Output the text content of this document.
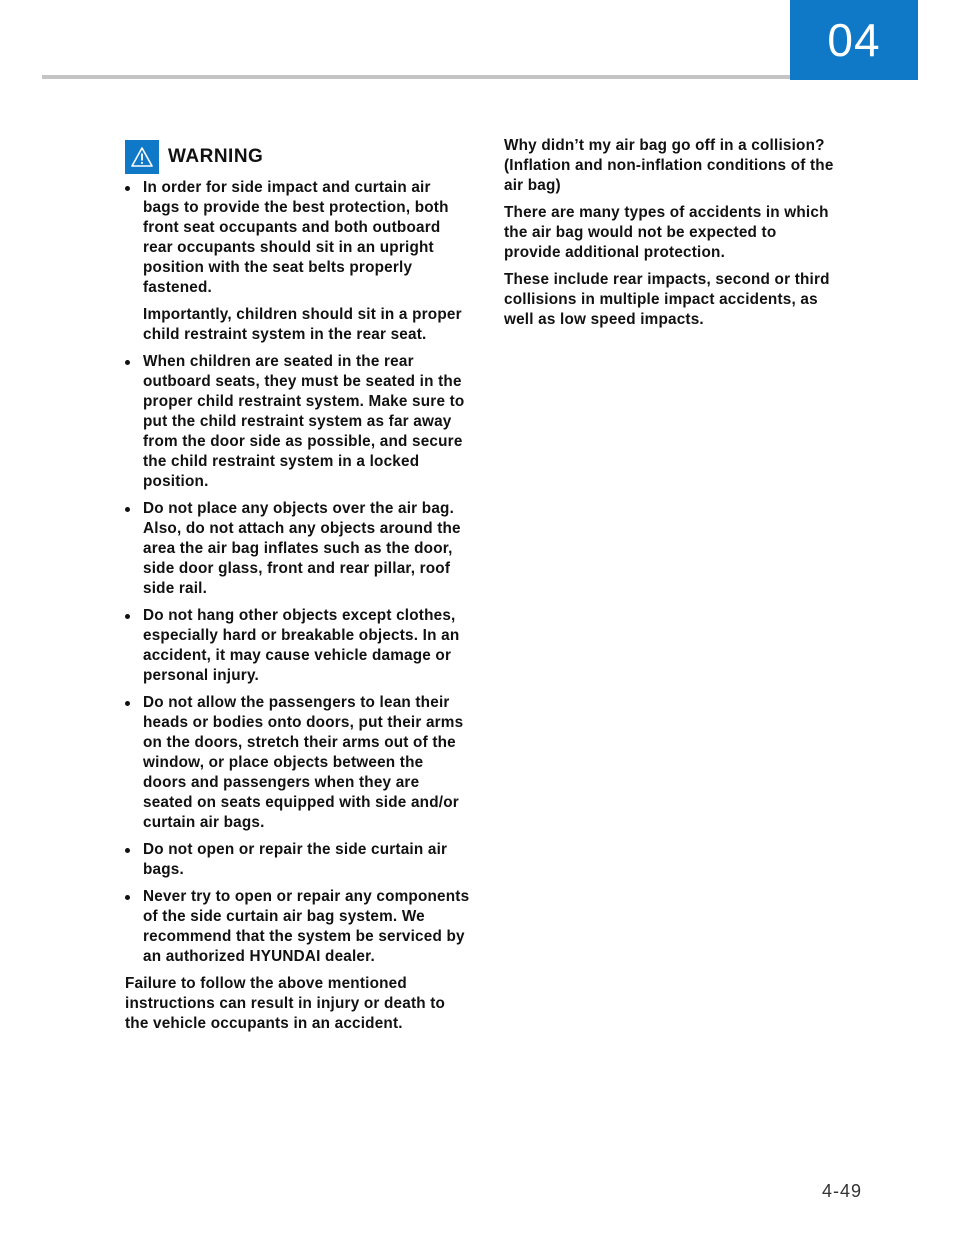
04
WARNING
In order for side impact and curtain air bags to provide the best protection, both front seat occupants and both outboard rear occupants should sit in an upright position with the seat belts properly fastened.
Importantly, children should sit in a proper child restraint system in the rear seat.
When children are seated in the rear outboard seats, they must be seated in the proper child restraint system. Make sure to put the child restraint system as far away from the door side as possible, and secure the child restraint system in a locked position.
Do not place any objects over the air bag. Also, do not attach any objects around the area the air bag inflates such as the door, side door glass, front and rear pillar, roof side rail.
Do not hang other objects except clothes, especially hard or breakable objects. In an accident, it may cause vehicle damage or personal injury.
Do not allow the passengers to lean their heads or bodies onto doors, put their arms on the doors, stretch their arms out of the window, or place objects between the doors and passengers when they are seated on seats equipped with side and/or curtain air bags.
Do not open or repair the side curtain air bags.
Never try to open or repair any components of the side curtain air bag system. We recommend that the system be serviced by an authorized HYUNDAI dealer.
Failure to follow the above mentioned instructions can result in injury or death to the vehicle occupants in an accident.

Why didn’t my air bag go off in a collision? (Inflation and non-inflation conditions of the air bag)

There are many types of accidents in which the air bag would not be expected to provide additional protection.

These include rear impacts, second or third collisions in multiple impact accidents, as well as low speed impacts.

4-49
